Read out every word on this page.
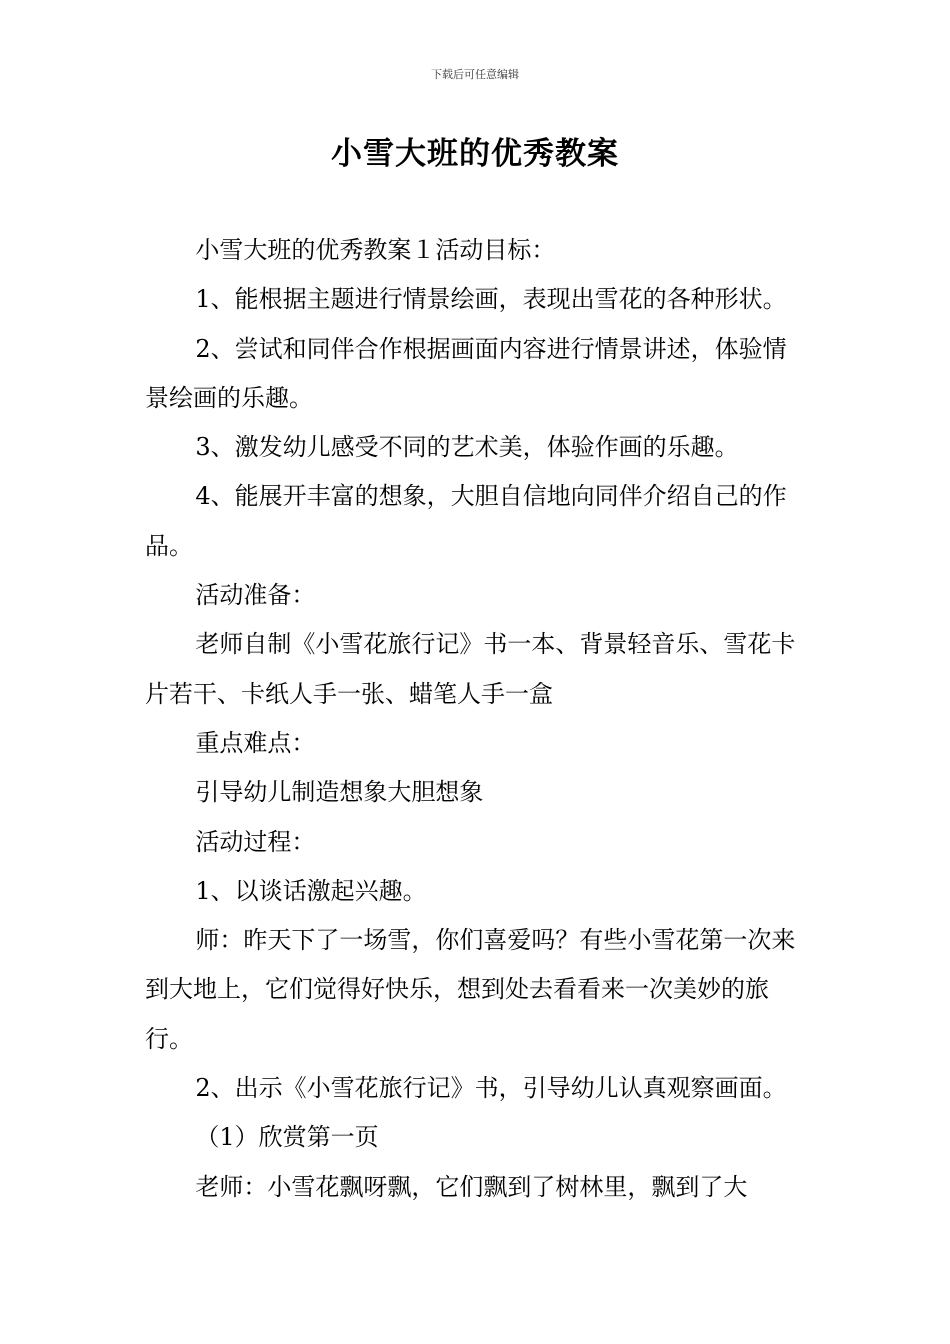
下载后可任意编辑
小雪大班的优秀教案

小雪大班的优秀教案１活动目标：

1、能根据主题进行情景绘画，表现出雪花的各种形状。

2、尝试和同伴合作根据画面内容进行情景讲述，体验情景绘画的乐趣。

3、激发幼儿感受不同的艺术美，体验作画的乐趣。

4、能展开丰富的想象，大胆自信地向同伴介绍自己的作品。

活动准备：

老师自制《小雪花旅行记》书一本、背景轻音乐、雪花卡片若干、卡纸人手一张、蜡笔人手一盒

重点难点：

引导幼儿制造想象大胆想象

活动过程：

1、以谈话激起兴趣。

师：昨天下了一场雪，你们喜爱吗？有些小雪花第一次来到大地上，它们觉得好快乐，想到处去看看来一次美妙的旅行。

2、出示《小雪花旅行记》书，引导幼儿认真观察画面。

（1）欣赏第一页

老师：小雪花飘呀飘，它们飘到了树林里，飘到了大
